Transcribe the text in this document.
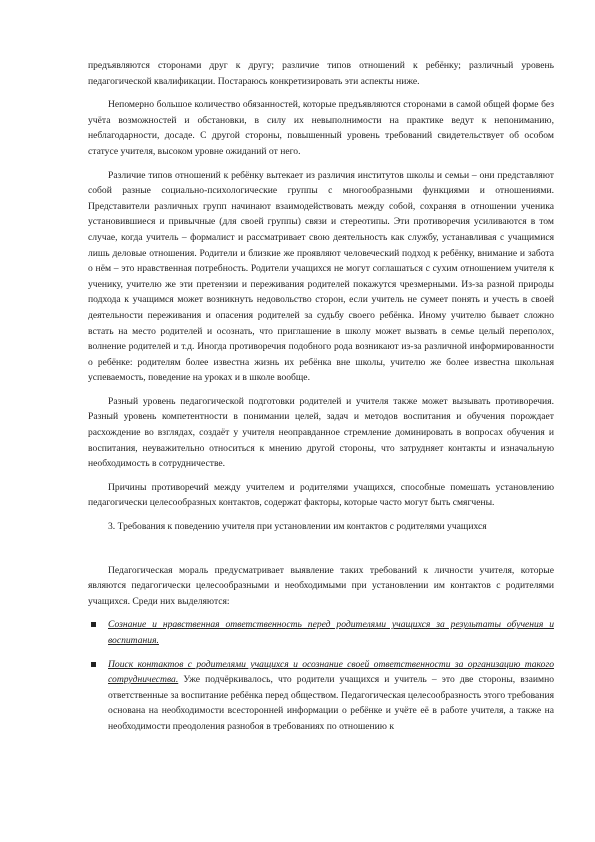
предъявляются сторонами друг к другу; различие типов отношений к ребёнку; различный уровень педагогической квалификации. Постараюсь конкретизировать эти аспекты ниже.

Непомерно большое количество обязанностей, которые предъявляются сторонами в самой общей форме без учёта возможностей и обстановки, в силу их невыполнимости на практике ведут к непониманию, неблагодарности, досаде. С другой стороны, повышенный уровень требований свидетельствует об особом статусе учителя, высоком уровне ожиданий от него.

Различие типов отношений к ребёнку вытекает из различия институтов школы и семьи – они представляют собой разные социально-психологические группы с многообразными функциями и отношениями. Представители различных групп начинают взаимодействовать между собой, сохраняя в отношении ученика установившиеся и привычные (для своей группы) связи и стереотипы. Эти противоречия усиливаются в том случае, когда учитель – формалист и рассматривает свою деятельность как службу, устанавливая с учащимися лишь деловые отношения. Родители и близкие же проявляют человеческий подход к ребёнку, внимание и забота о нём – это нравственная потребность. Родители учащихся не могут соглашаться с сухим отношением учителя к ученику, учителю же эти претензии и переживания родителей покажутся чрезмерными. Из-за разной природы подхода к учащимся может возникнуть недовольство сторон, если учитель не сумеет понять и учесть в своей деятельности переживания и опасения родителей за судьбу своего ребёнка. Иному учителю бывает сложно встать на место родителей и осознать, что приглашение в школу может вызвать в семье целый переполох, волнение родителей и т.д. Иногда противоречия подобного рода возникают из-за различной информированности о ребёнке: родителям более известна жизнь их ребёнка вне школы, учителю же более известна школьная успеваемость, поведение на уроках и в школе вообще.

Разный уровень педагогической подготовки родителей и учителя также может вызывать противоречия. Разный уровень компетентности в понимании целей, задач и методов воспитания и обучения порождает расхождение во взглядах, создаёт у учителя неоправданное стремление доминировать в вопросах обучения и воспитания, неуважительно относиться к мнению другой стороны, что затрудняет контакты и изначальную необходимость в сотрудничестве.

Причины противоречий между учителем и родителями учащихся, способные помешать установлению педагогически целесообразных контактов, содержат факторы, которые часто могут быть смягчены.

3. Требования к поведению учителя при установлении им контактов с родителями учащихся

Педагогическая мораль предусматривает выявление таких требований к личности учителя, которые являются педагогически целесообразными и необходимыми при установлении им контактов с родителями учащихся. Среди них выделяются:

Сознание и нравственная ответственность перед родителями учащихся за результаты обучения и воспитания.
Поиск контактов с родителями учащихся и осознание своей ответственности за организацию такого сотрудничества. Уже подчёркивалось, что родители учащихся и учитель – это две стороны, взаимно ответственные за воспитание ребёнка перед обществом. Педагогическая целесообразность этого требования основана на необходимости всесторонней информации о ребёнке и учёте её в работе учителя, а также на необходимости преодоления разнобоя в требованиях по отношению к
